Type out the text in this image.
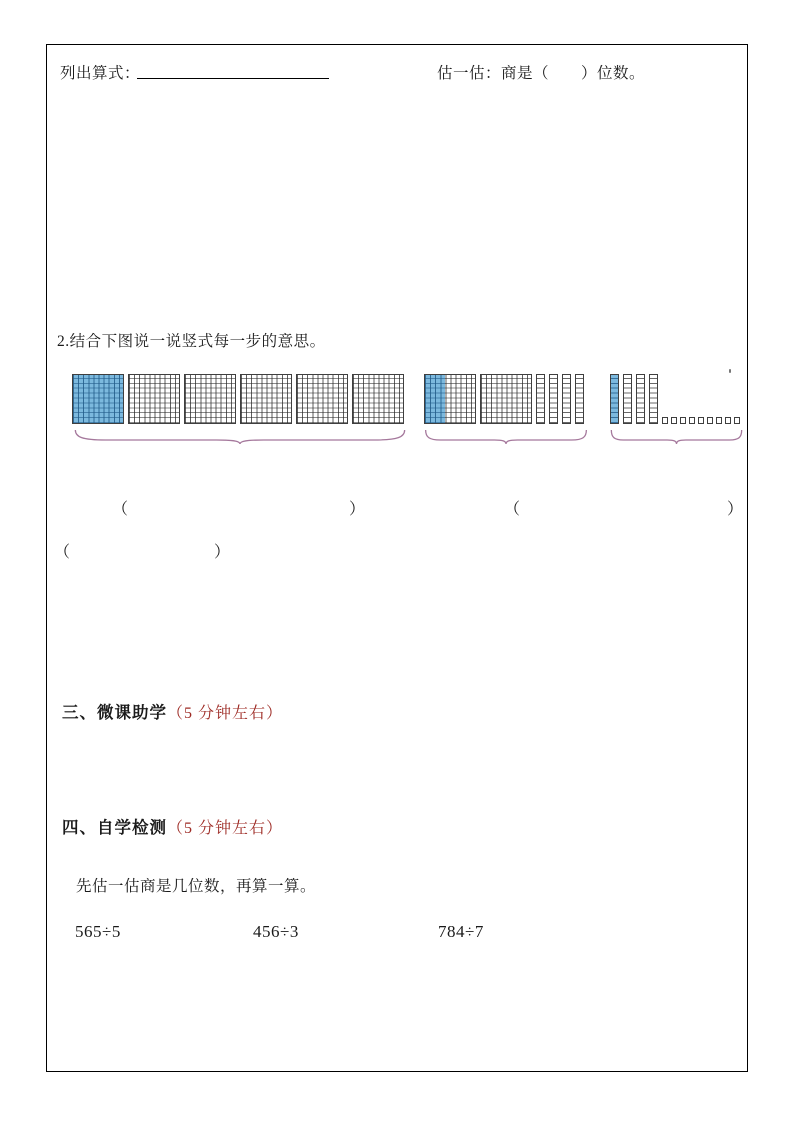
列出算式：	估一估：商是（　　）位数。
2.结合下图说一说竖式每一步的意思。
（	）	（	）
（	）
三、微课助学（5 分钟左右）
四、自学检测（5 分钟左右）
先估一估商是几位数，再算一算。
565÷5	456÷3	784÷7
